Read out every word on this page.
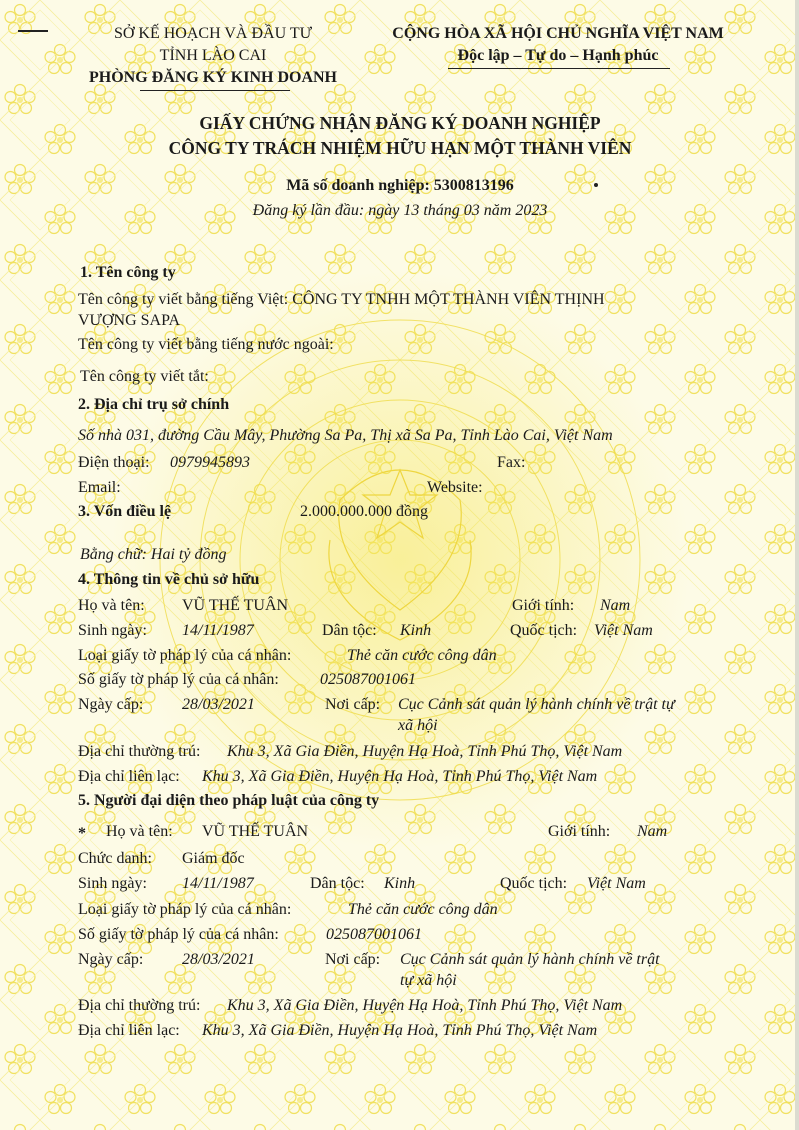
SỞ KẾ HOẠCH VÀ ĐẦU TƯ
TỈNH LÀO CAI
PHÒNG ĐĂNG KÝ KINH DOANH
CỘNG HÒA XÃ HỘI CHỦ NGHĨA VIỆT NAM
Độc lập – Tự do – Hạnh phúc
GIẤY CHỨNG NHẬN ĐĂNG KÝ DOANH NGHIỆP
CÔNG TY TRÁCH NHIỆM HỮU HẠN MỘT THÀNH VIÊN
Mã số doanh nghiệp: 5300813196
Đăng ký lần đầu: ngày 13 tháng 03 năm 2023
1. Tên công ty
Tên công ty viết bằng tiếng Việt: CÔNG TY TNHH MỘT THÀNH VIÊN THỊNH
VƯỢNG SAPA
Tên công ty viết bằng tiếng nước ngoài:
Tên công ty viết tắt:
2. Địa chỉ trụ sở chính
Số nhà 031, đường Cầu Mây, Phường Sa Pa, Thị xã Sa Pa, Tỉnh Lào Cai, Việt Nam
Điện thoại: 0979945893	Fax:
Email:	Website:
3. Vốn điều lệ	2.000.000.000 đồng
Bằng chữ: Hai tỷ đồng
4. Thông tin về chủ sở hữu
Họ và tên: VŨ THẾ TUÂN	Giới tính: Nam
Sinh ngày: 14/11/1987	Dân tộc: Kinh	Quốc tịch: Việt Nam
Loại giấy tờ pháp lý của cá nhân:	Thẻ căn cước công dân
Số giấy tờ pháp lý của cá nhân:	025087001061
Ngày cấp: 28/03/2021	Nơi cấp: Cục Cảnh sát quản lý hành chính về trật tự
xã hội
Địa chỉ thường trú: Khu 3, Xã Gia Điền, Huyện Hạ Hoà, Tỉnh Phú Thọ, Việt Nam
Địa chỉ liên lạc: Khu 3, Xã Gia Điền, Huyện Hạ Hoà, Tỉnh Phú Thọ, Việt Nam
5. Người đại diện theo pháp luật của công ty
* Họ và tên: VŨ THẾ TUÂN	Giới tính: Nam
Chức danh: Giám đốc
Sinh ngày: 14/11/1987	Dân tộc: Kinh	Quốc tịch: Việt Nam
Loại giấy tờ pháp lý của cá nhân:	Thẻ căn cước công dân
Số giấy tờ pháp lý của cá nhân:	025087001061
Ngày cấp: 28/03/2021	Nơi cấp: Cục Cảnh sát quản lý hành chính về trật
tự xã hội
Địa chỉ thường trú: Khu 3, Xã Gia Điền, Huyện Hạ Hoà, Tỉnh Phú Thọ, Việt Nam
Địa chỉ liên lạc: Khu 3, Xã Gia Điền, Huyện Hạ Hoà, Tỉnh Phú Thọ, Việt Nam
